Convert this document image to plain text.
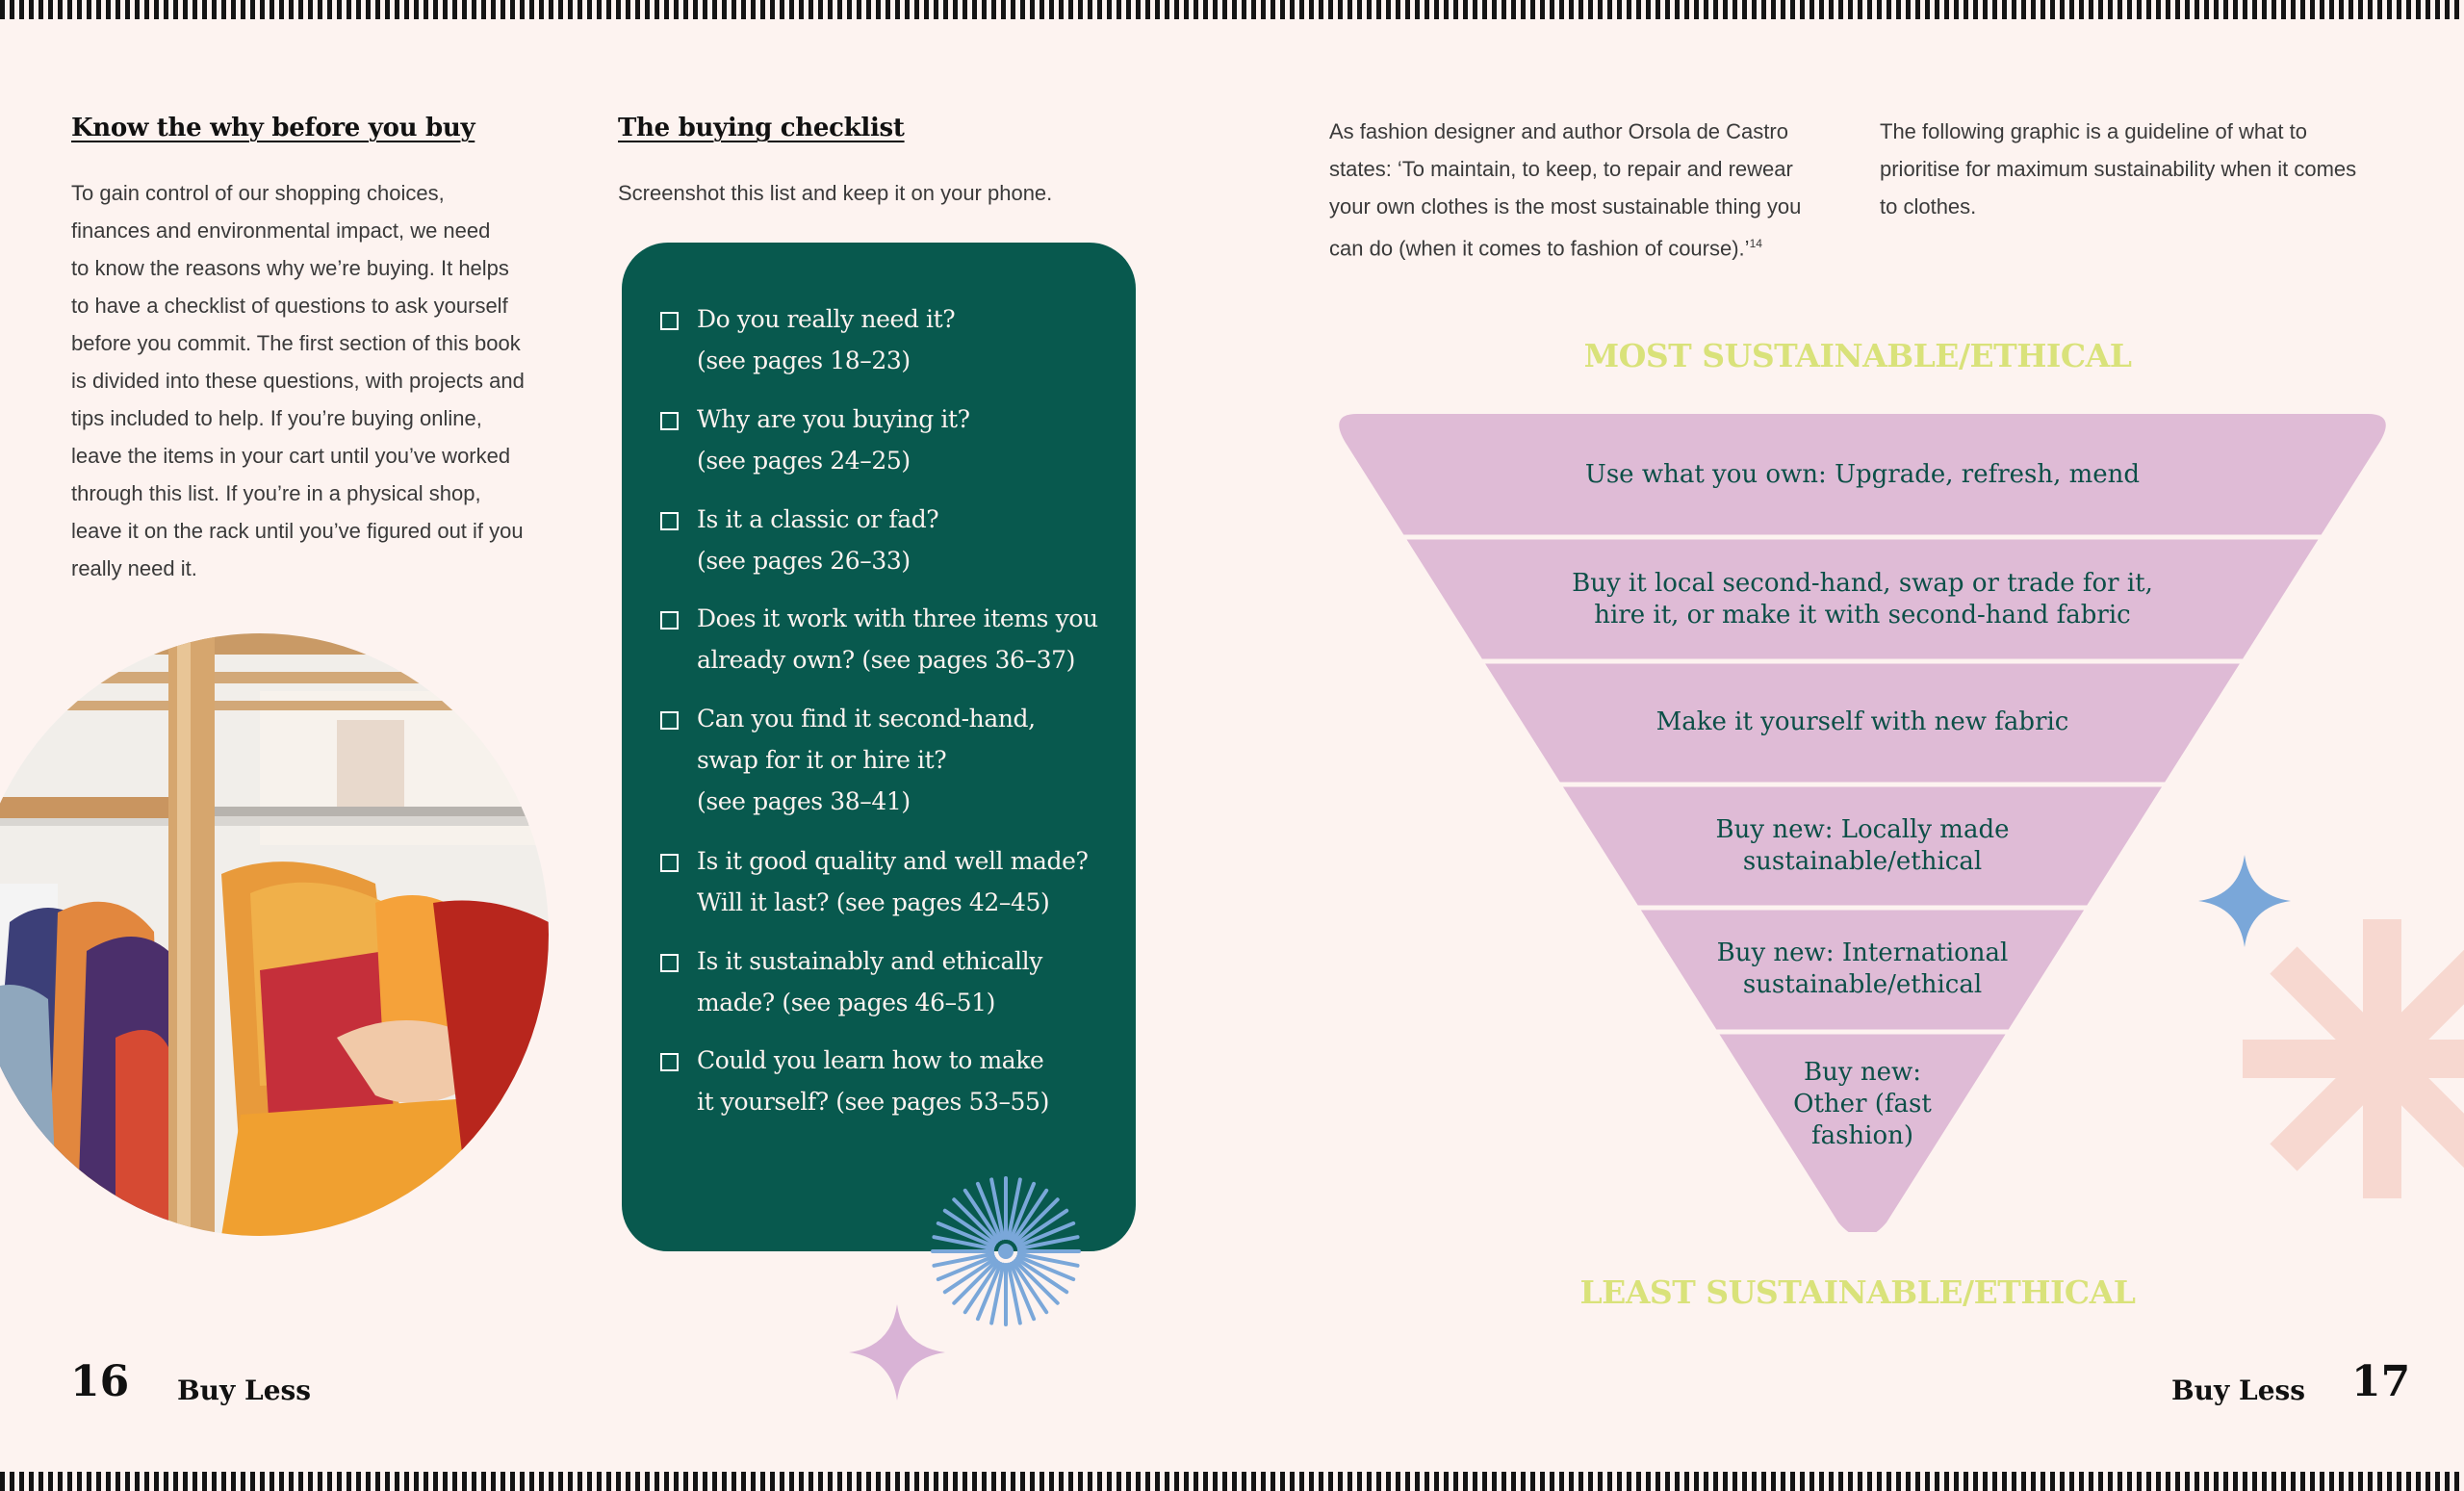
Know the why before you buy
To gain control of our shopping choices,
finances and environmental impact, we need
to know the reasons why we’re buying. It helps
to have a checklist of questions to ask yourself
before you commit. The first section of this book
is divided into these questions, with projects and
tips included to help. If you’re buying online,
leave the items in your cart until you’ve worked
through this list. If you’re in a physical shop,
leave it on the rack until you’ve figured out if you
really need it.
16 Buy Less
The buying checklist
Screenshot this list and keep it on your phone.

Do you really need it?
(see pages 18–23)

Why are you buying it?
(see pages 24–25)

Is it a classic or fad?
(see pages 26–33)

Does it work with three items you
already own? (see pages 36–37)

Can you find it second-hand,
swap for it or hire it?
(see pages 38–41)

Is it good quality and well made?
Will it last? (see pages 42–45)

Is it sustainably and ethically
made? (see pages 46–51)

Could you learn how to make
it yourself? (see pages 53–55)

As fashion designer and author Orsola de Castro
states: ‘To maintain, to keep, to repair and rewear
your own clothes is the most sustainable thing you
can do (when it comes to fashion of course).’$^{14}$
The following graphic is a guideline of what to
prioritise for maximum sustainability when it comes
to clothes.
MOST SUSTAINABLE/ETHICAL
LEAST SUSTAINABLE/ETHICAL
Use what you own: Upgrade, refresh, mend
Buy it local second-hand, swap or trade for it,
hire it, or make it with second-hand fabric
Make it yourself with new fabric
Buy new: Locally made
sustainable/ethical
Buy new: International
sustainable/ethical
Buy new:
Other (fast
fashion)
Buy Less 17
